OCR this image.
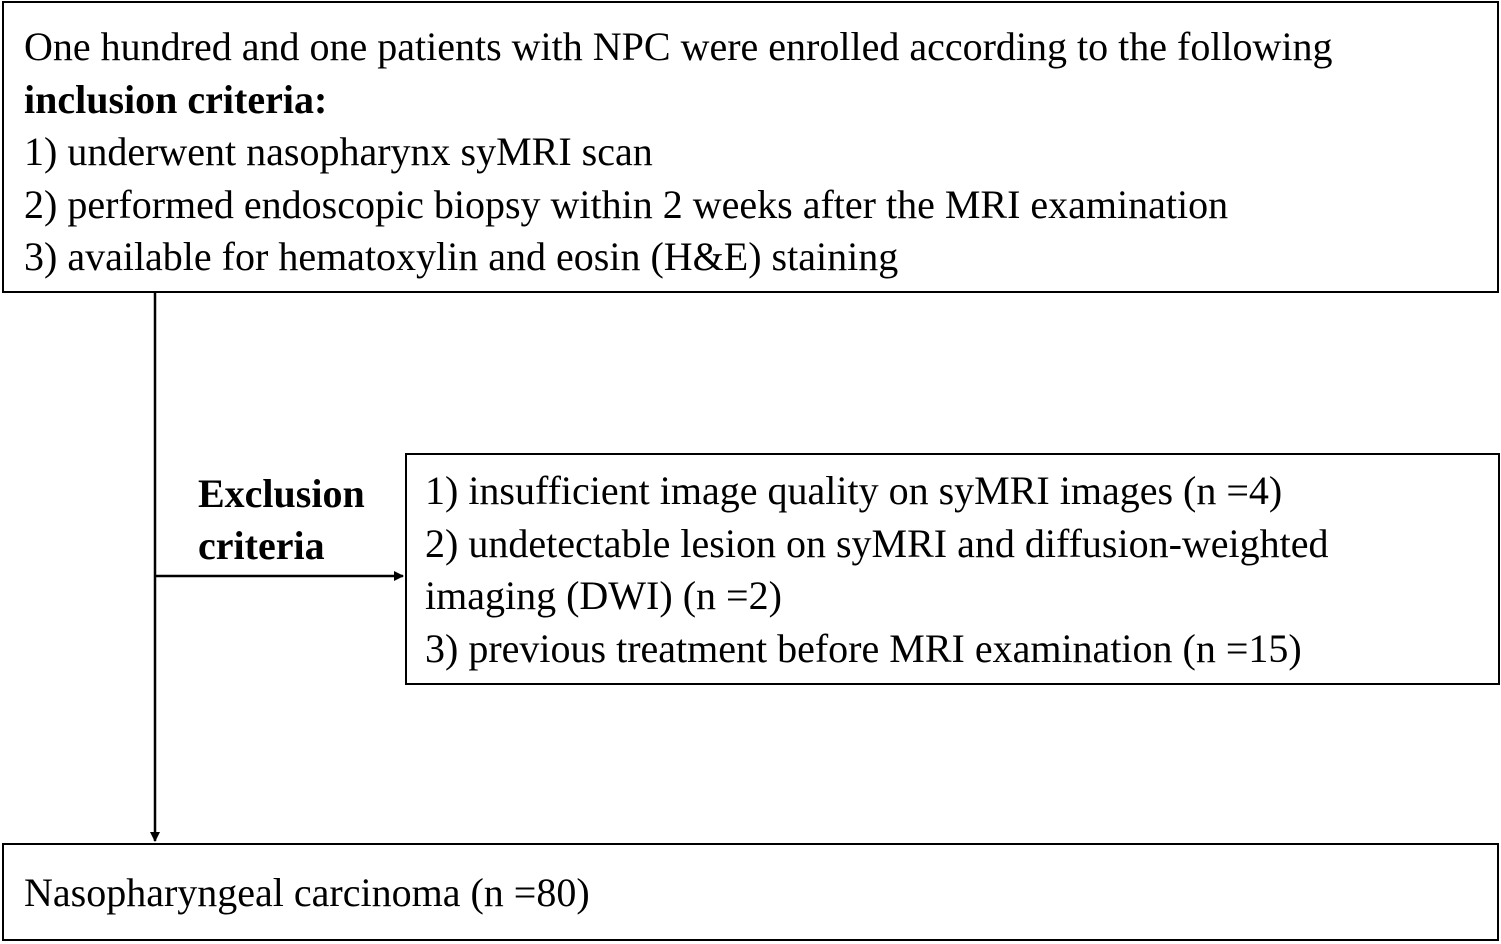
One hundred and one patients with NPC were enrolled according to the following
inclusion criteria:
1) underwent nasopharynx syMRI scan
2) performed endoscopic biopsy within 2 weeks after the MRI examination
3) available for hematoxylin and eosin (H&E) staining
Exclusion
criteria
1) insufficient image quality on syMRI images (n =4)
2) undetectable lesion on syMRI and diffusion-weighted
imaging (DWI) (n =2)
3) previous treatment before MRI examination (n =15)
Nasopharyngeal carcinoma (n =80)
